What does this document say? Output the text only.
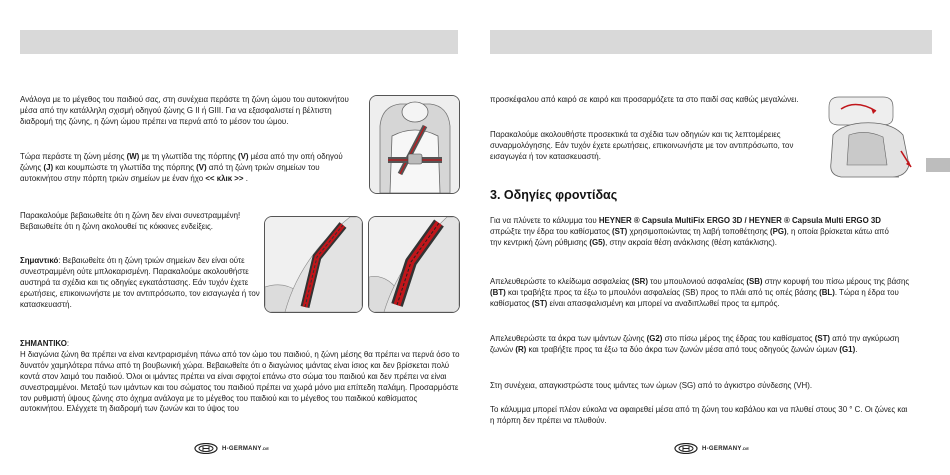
Ανάλογα με το μέγεθος του παιδιού σας, στη συνέχεια περάστε τη ζώνη ώμου του αυτοκινήτου μέσα από την κατάλληλη σχισμή οδηγού ζώνης G II ή GIII. Για να εξασφαλιστεί η βέλτιστη διαδρομή της ζώνης, η ζώνη ώμου πρέπει να περνά από το μέσον του ώμου.

Τώρα περάστε τη ζώνη μέσης (W) με τη γλωττίδα της πόρπης (V) μέσα από την οπή οδηγού ζώνης (J) και κουμπώστε τη γλωττίδα της πόρπης (V) από τη ζώνη τριών σημείων του αυτοκινήτου στην πόρπη τριών σημείων με έναν ήχο << κλικ >> .

Παρακαλούμε βεβαιωθείτε ότι η ζώνη δεν είναι συνεστραμμένη! Βεβαιωθείτε ότι η ζώνη ακολουθεί τις κόκκινες ενδείξεις.

Σημαντικό: Βεβαιωθείτε ότι η ζώνη τριών σημείων δεν είναι ούτε συνεστραμμένη ούτε μπλοκαρισμένη. Παρακαλούμε ακολουθήστε αυστηρά τα σχέδια και τις οδηγίες εγκατάστασης. Εάν τυχόν έχετε ερωτήσεις, επικοινωνήστε με τον αντιπρόσωπο, τον εισαγωγέα ή τον κατασκευαστή.

ΣΗΜΑΝΤΙΚΟ:
Η διαγώνια ζώνη θα πρέπει να είναι κεντραρισμένη πάνω από τον ώμο του παιδιού, η ζώνη μέσης θα πρέπει να περνά όσο το δυνατόν χαμηλότερα πάνω από τη βουβωνική χώρα. Βεβαιωθείτε ότι ο διαγώνιος ιμάντας είναι ίσιος και δεν βρίσκεται πολύ κοντά στον λαιμό του παιδιού. Όλοι οι ιμάντες πρέπει να είναι σφιχτοί επάνω στο σώμα του παιδιού και δεν πρέπει να είναι συνεστραμμένοι. Μεταξύ των ιμάντων και του σώματος του παιδιού πρέπει να χωρά μόνο μια επίπεδη παλάμη. Προσαρμόστε τον ρυθμιστή ύψους ζώνης στο όχημα ανάλογα με το μέγεθος του παιδιού και το μέγεθος του παιδικού καθίσματος αυτοκινήτου. Ελέγχετε τη διαδρομή των ζωνών και το ύψος του

H-GERMANY.DE

προσκέφαλου από καιρό σε καιρό και προσαρμόζετε τα στο παιδί σας καθώς μεγαλώνει.

Παρακαλούμε ακολουθήστε προσεκτικά τα σχέδια των οδηγιών και τις λεπτομέρειες συναρμολόγησης. Εάν τυχόν έχετε ερωτήσεις, επικοινωνήστε με τον αντιπρόσωπο, τον εισαγωγέα ή τον κατασκευαστή.

3. Οδηγίες φροντίδας

Για να πλύνετε το κάλυμμα του HEYNER ® Capsula MultiFix ERGO 3D / HEYNER ® Capsula Multi ERGO 3D σπρώξτε την έδρα του καθίσματος (ST) χρησιμοποιώντας τη λαβή τοποθέτησης (PG), η οποία βρίσκεται κάτω από την κεντρική ζώνη ρύθμισης (G5), στην ακραία θέση ανάκλισης (θέση κατάκλισης).

Απελευθερώστε το κλείδωμα ασφαλείας (SR) του μπουλονιού ασφαλείας (SB) στην κορυφή του πίσω μέρους της βάσης (BT) και τραβήξτε προς τα έξω το μπουλόνι ασφαλείας (SB) προς το πλάι από τις οπές βάσης (BL). Τώρα η έδρα του καθίσματος (ST) είναι απασφαλισμένη και μπορεί να αναδιπλωθεί προς τα εμπρός.

Απελευθερώστε τα άκρα των ιμάντων ζώνης (G2) στο πίσω μέρος της έδρας του καθίσματος (ST) από την αγκύρωση ζωνών (R) και τραβήξτε προς τα έξω τα δύο άκρα των ζωνών μέσα από τους οδηγούς ζωνών ώμων (G1).

Στη συνέχεια, απαγκιστρώστε τους ιμάντες των ώμων (SG) από το άγκιστρο σύνδεσης (VH).

Το κάλυμμα μπορεί πλέον εύκολα να αφαιρεθεί μέσα από τη ζώνη του καβάλου και να πλυθεί στους 30 ° C. Οι ζώνες και η πόρπη δεν πρέπει να πλυθούν.

H-GERMANY.DE
